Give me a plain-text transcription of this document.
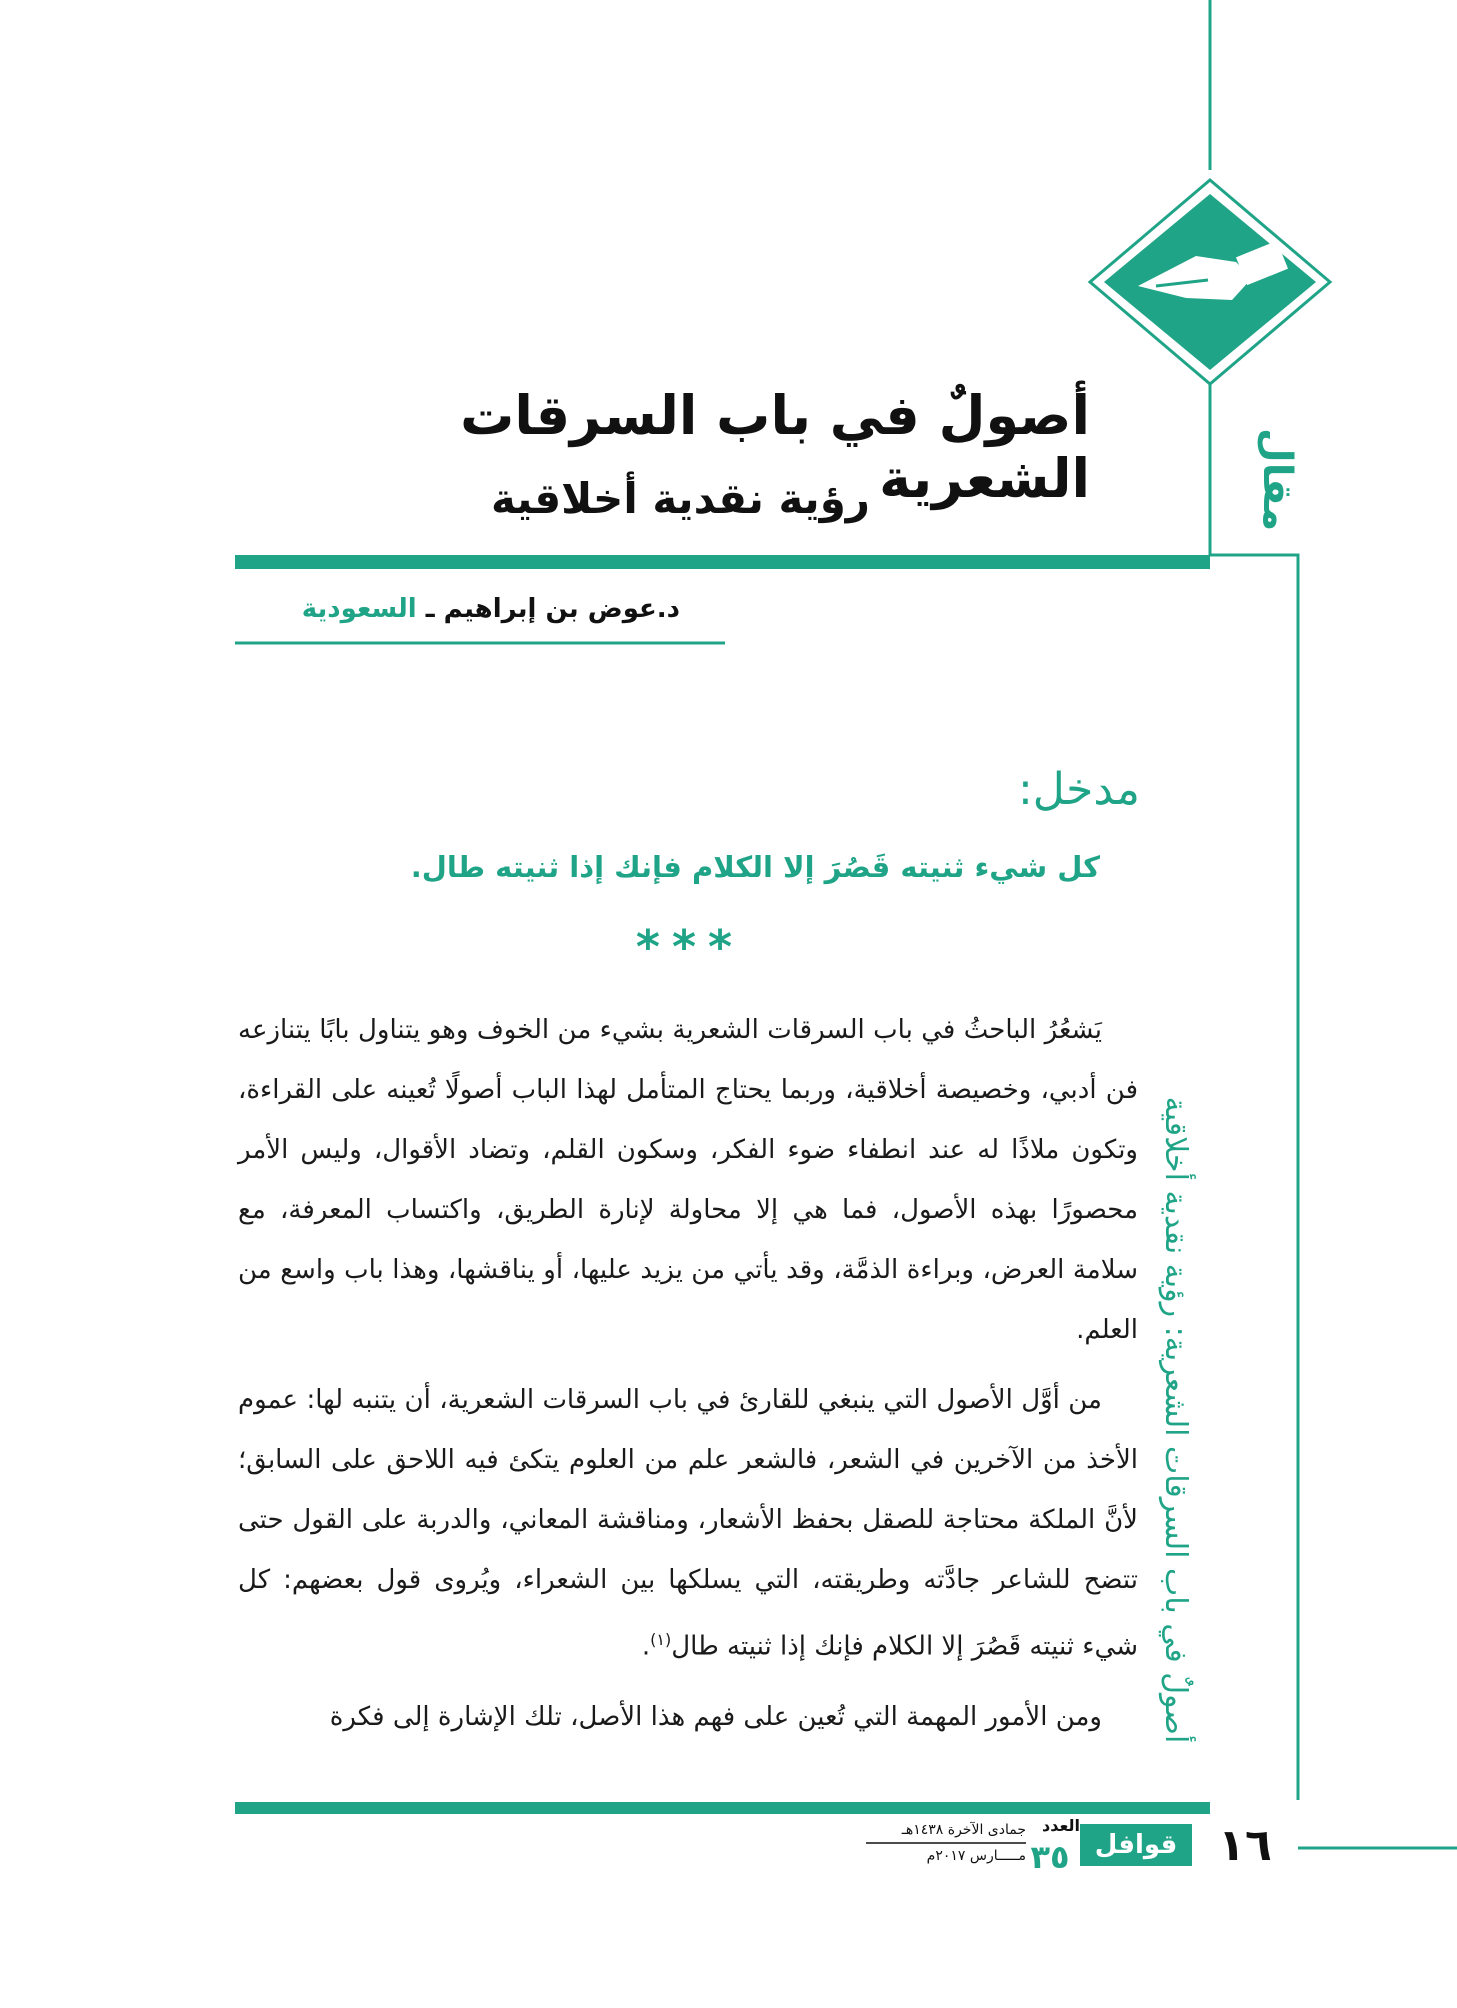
مقال
أصولٌ في باب السرقات الشعرية
رؤية نقدية أخلاقية
د.عوض بن إبراهيم ـ السعودية
أصولٌ في باب السرقات الشعرية: رؤية نقدية أخلاقية
مدخل:
كل شيء ثنيته قَصُرَ إلا الكلام فإنك إذا ثنيته طال.
***

يَشعُرُ الباحثُ في باب السرقات الشعرية بشيء من الخوف وهو يتناول بابًا يتنازعه فن أدبي، وخصيصة أخلاقية، وربما يحتاج المتأمل لهذا الباب أصولًا تُعينه على القراءة، وتكون ملاذًا له عند انطفاء ضوء الفكر، وسكون القلم، وتضاد الأقوال، وليس الأمر محصورًا بهذه الأصول، فما هي إلا محاولة لإنارة الطريق، واكتساب المعرفة، مع سلامة العرض، وبراءة الذمَّة، وقد يأتي من يزيد عليها، أو يناقشها، وهذا باب واسع من العلم.

من أوَّل الأصول التي ينبغي للقارئ في باب السرقات الشعرية، أن يتنبه لها: عموم الأخذ من الآخرين في الشعر، فالشعر علم من العلوم يتكئ فيه اللاحق على السابق؛ لأنَّ الملكة محتاجة للصقل بحفظ الأشعار، ومناقشة المعاني، والدربة على القول حتى تتضح للشاعر جادَّته وطريقته، التي يسلكها بين الشعراء، ويُروى قول بعضهم: كل شيء ثنيته قَصُرَ إلا الكلام فإنك إذا ثنيته طال$^{(١)}$.

ومن الأمور المهمة التي تُعين على فهم هذا الأصل، تلك الإشارة إلى فكرة

١٦
قوافل
العدد
٣٥
جمادى الآخرة ١٤٣٨هـ
مـــــارس ٢٠١٧م
